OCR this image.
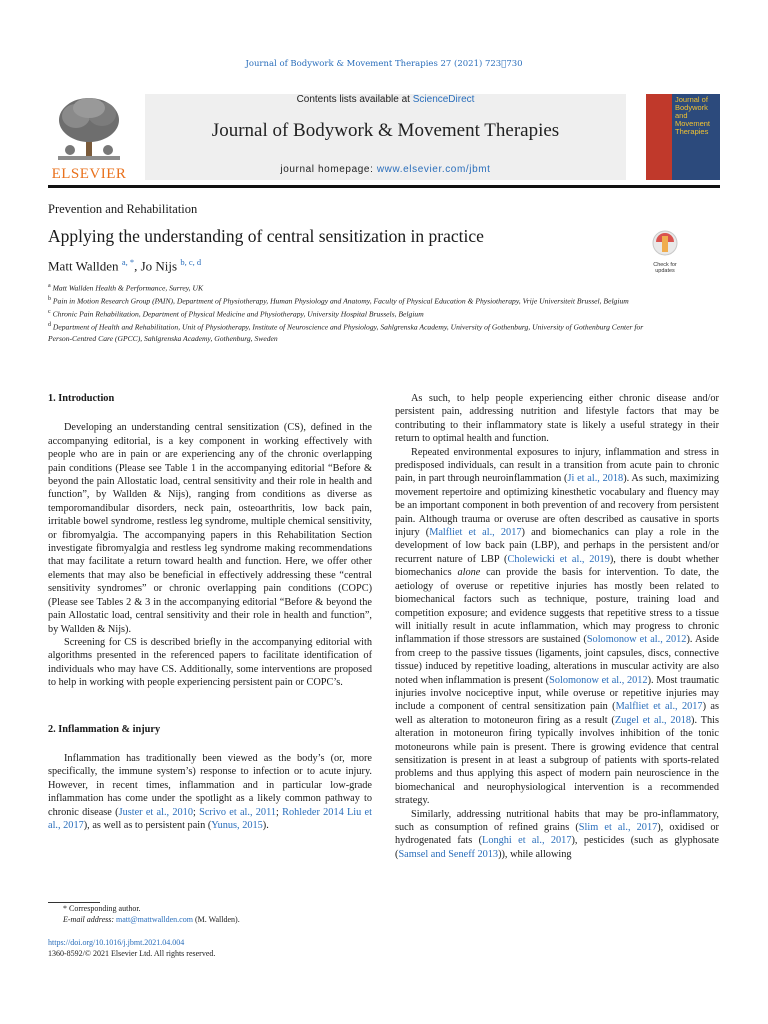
Journal of Bodywork & Movement Therapies 27 (2021) 723 730
ELSEVIER
Contents lists available at ScienceDirect
Journal of Bodywork & Movement Therapies
journal homepage: www.elsevier.com/jbmt
Journal of Bodywork and Movement Therapies
Prevention and Rehabilitation
Applying the understanding of central sensitization in practice
Check for updates
Matt Wallden $^{a, *}$, Jo Nijs $^{b, c, d}$
$^a$ Matt Wallden Health & Performance, Surrey, UK
$^b$ Pain in Motion Research Group (PAIN), Department of Physiotherapy, Human Physiology and Anatomy, Faculty of Physical Education & Physiotherapy, Vrije Universiteit Brussel, Belgium
$^c$ Chronic Pain Rehabilitation, Department of Physical Medicine and Physiotherapy, University Hospital Brussels, Belgium
$^d$ Department of Health and Rehabilitation, Unit of Physiotherapy, Institute of Neuroscience and Physiology, Sahlgrenska Academy, University of Gothenburg, University of Gothenburg Center for Person-Centred Care (GPCC), Sahlgrenska Academy, Gothenburg, Sweden
1. Introduction

Developing an understanding central sensitization (CS), defined in the accompanying editorial, is a key component in working effectively with people who are in pain or are experiencing any of the chronic overlapping pain conditions (Please see Table 1 in the accompanying editorial “Before & beyond the pain Allostatic load, central sensitivity and their role in health and function”, by Wallden & Nijs), ranging from conditions as diverse as temporomandibular disorders, neck pain, osteoarthritis, low back pain, irritable bowel syndrome, restless leg syndrome, multiple chemical sensitivity, or fibromyalgia. The accompanying papers in this Rehabilitation Section investigate fibromyalgia and restless leg syndrome making recommendations that may facilitate a return toward health and function. Here, we offer other elements that may also be beneficial in effectively addressing these “central sensitivity syndromes” or chronic overlapping pain conditions (COPC) (Please see Tables 2 & 3 in the accompanying editorial “Before & beyond the pain Allostatic load, central sensitivity and their role in health and function”, by Wallden & Nijs).

Screening for CS is described briefly in the accompanying editorial with algorithms presented in the referenced papers to facilitate identification of individuals who may have CS. Additionally, some interventions are proposed to help in working with people experiencing persistent pain or COPC’s.

2. Inflammation & injury

Inflammation has traditionally been viewed as the body’s (or, more specifically, the immune system’s) response to infection or to acute injury. However, in recent times, inflammation and in particular low-grade inflammation has come under the spotlight as a likely common pathway to chronic disease (Juster et al., 2010; Scrivo et al., 2011; Rohleder 2014 Liu et al., 2017), as well as to persistent pain (Yunus, 2015).

As such, to help people experiencing either chronic disease and/or persistent pain, addressing nutrition and lifestyle factors that may be contributing to their inflammatory state is likely a useful strategy in their return to optimal health and function.

Repeated environmental exposures to injury, inflammation and stress in predisposed individuals, can result in a transition from acute pain to chronic pain, in part through neuroinflammation (Ji et al., 2018). As such, maximizing movement repertoire and optimizing kinesthetic vocabulary and fluency may be an important component in both prevention of and recovery from persistent pain. Although trauma or overuse are often described as causative in sports injury (Malfliet et al., 2017) and biomechanics can play a role in the development of low back pain (LBP), and perhaps in the persistent and/or recurrent nature of LBP (Cholewicki et al., 2019), there is doubt whether biomechanics alone can provide the basis for intervention. To date, the aetiology of overuse or repetitive injuries has mostly been related to biomechanical factors such as technique, posture, training load and competition exposure; and evidence suggests that repetitive stress to a tissue will initially result in acute inflammation, which may progress to chronic inflammation if those stressors are sustained (Solomonow et al., 2012). Aside from creep to the passive tissues (ligaments, joint capsules, discs, connective tissue) induced by repetitive loading, alterations in muscular activity are also noted when inflammation is present (Solomonow et al., 2012). Most traumatic injuries involve nociceptive input, while overuse or repetitive injuries may include a component of central sensitization pain (Malfliet et al., 2017) as well as alteration to motoneuron firing as a result (Zugel et al., 2018). This alteration in motoneuron firing typically involves inhibition of the tonic motoneurons while pain is present. There is growing evidence that central sensitization is present in at least a subgroup of patients with sports-related problems and thus applying this aspect of modern pain neuroscience in the biomechanical and neurophysiological intervention is a recommended strategy.

Similarly, addressing nutritional habits that may be pro-inflammatory, such as consumption of refined grains (Slim et al., 2017), oxidised or hydrogenated fats (Longhi et al., 2017), pesticides (such as glyphosate (Samsel and Seneff 2013)), while allowing

* Corresponding author.
E-mail address: matt@mattwallden.com (M. Wallden).
https://doi.org/10.1016/j.jbmt.2021.04.004
1360-8592/© 2021 Elsevier Ltd. All rights reserved.
